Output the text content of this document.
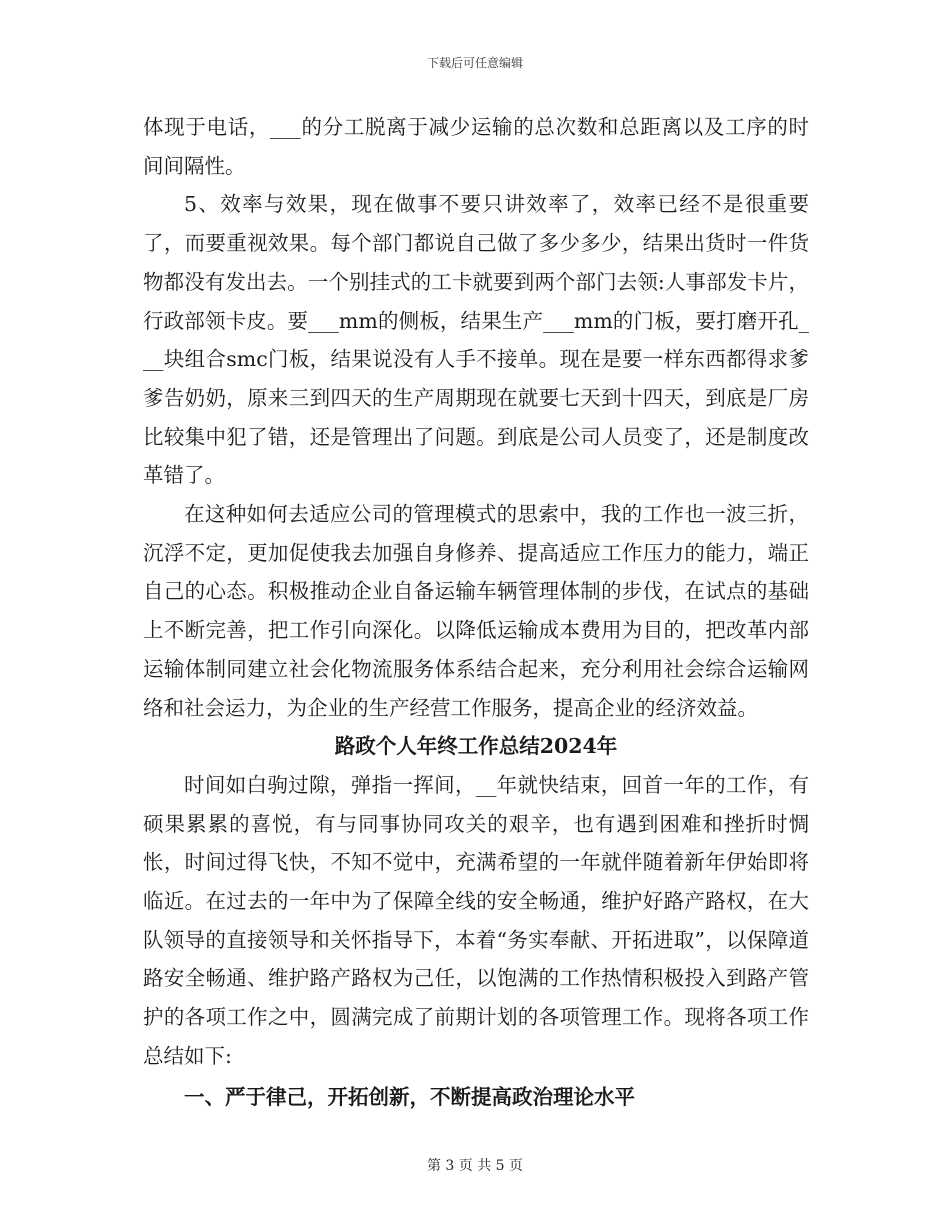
下载后可任意编辑

体现于电话，___的分工脱离于减少运输的总次数和总距离以及工序的时间间隔性。

5、效率与效果，现在做事不要只讲效率了，效率已经不是很重要了，而要重视效果。每个部门都说自己做了多少多少，结果出货时一件货物都没有发出去。一个别挂式的工卡就要到两个部门去领:人事部发卡片，行政部领卡皮。要___mm的侧板，结果生产___mm的门板，要打磨开孔___块组合smc门板，结果说没有人手不接单。现在是要一样东西都得求爹爹告奶奶，原来三到四天的生产周期现在就要七天到十四天，到底是厂房比较集中犯了错，还是管理出了问题。到底是公司人员变了，还是制度改革错了。

在这种如何去适应公司的管理模式的思索中，我的工作也一波三折，沉浮不定，更加促使我去加强自身修养、提高适应工作压力的能力，端正自己的心态。积极推动企业自备运输车辆管理体制的步伐，在试点的基础上不断完善，把工作引向深化。以降低运输成本费用为目的，把改革内部运输体制同建立社会化物流服务体系结合起来，充分利用社会综合运输网络和社会运力，为企业的生产经营工作服务，提高企业的经济效益。

路政个人年终工作总结2024年

时间如白驹过隙，弹指一挥间，__年就快结束，回首一年的工作，有硕果累累的喜悦，有与同事协同攻关的艰辛，也有遇到困难和挫折时惆怅，时间过得飞快，不知不觉中，充满希望的一年就伴随着新年伊始即将临近。在过去的一年中为了保障全线的安全畅通，维护好路产路权，在大队领导的直接领导和关怀指导下，本着“务实奉献、开拓进取”，以保障道路安全畅通、维护路产路权为己任，以饱满的工作热情积极投入到路产管护的各项工作之中，圆满完成了前期计划的各项管理工作。现将各项工作总结如下:

一、严于律己，开拓创新，不断提高政治理论水平
第 3 页 共 5 页
